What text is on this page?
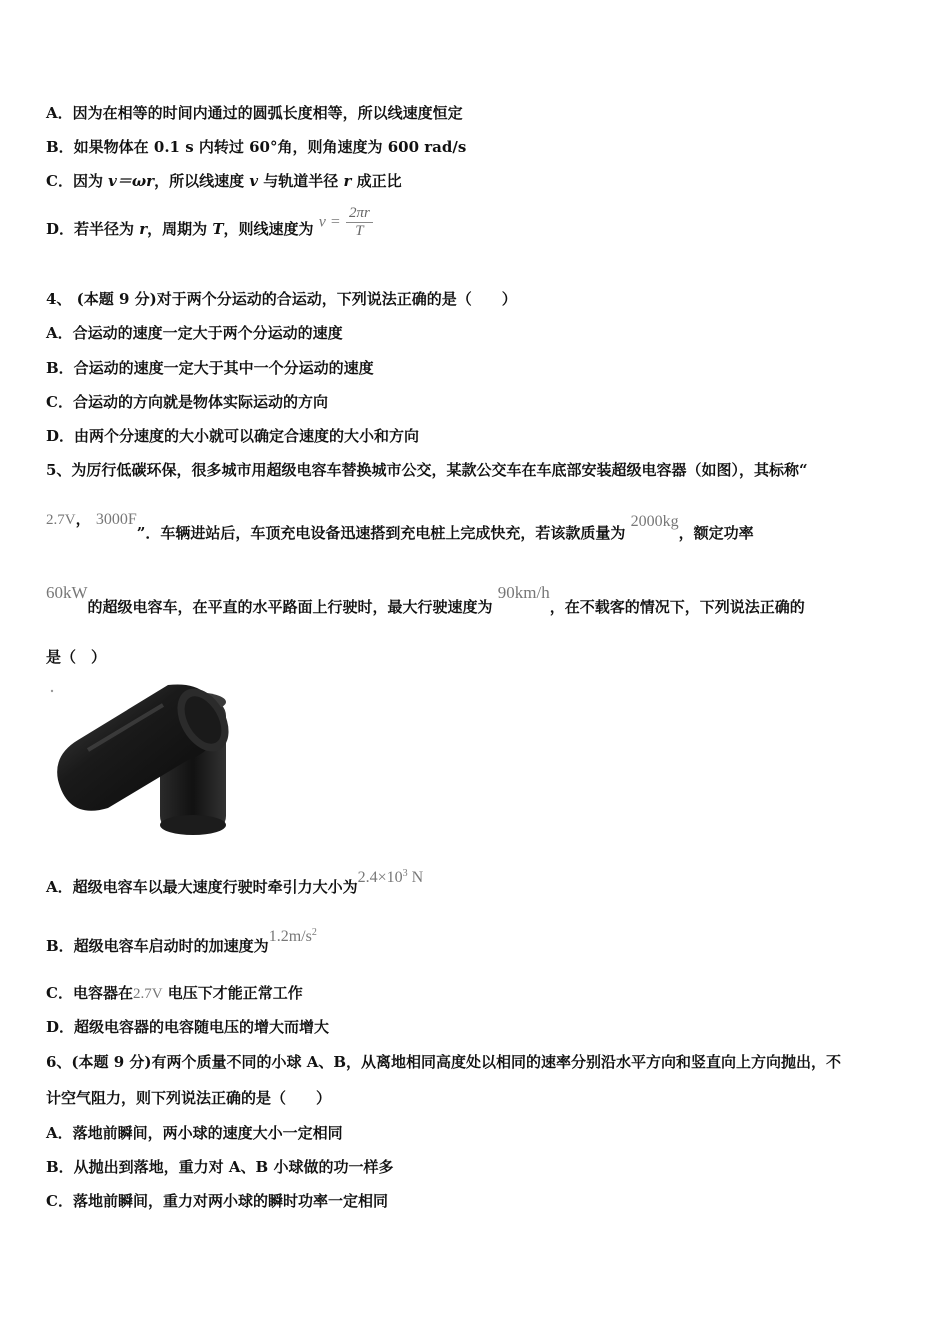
A．因为在相等的时间内通过的圆弧长度相等，所以线速度恒定
B．如果物体在 0.1 s 内转过 60°角，则角速度为 600 rad/s
C．因为 v＝ωr，所以线速度 v 与轨道半径 r 成正比
D．若半径为 r，周期为 T，则线速度为 $v = \frac{2\pi r}{T}$
4、 (本题 9 分)对于两个分运动的合运动，下列说法正确的是（　　）
A．合运动的速度一定大于两个分运动的速度
B．合运动的速度一定大于其中一个分运动的速度
C．合运动的方向就是物体实际运动的方向
D．由两个分速度的大小就可以确定合速度的大小和方向
5、为厉行低碳环保，很多城市用超级电容车替换城市公交，某款公交车在车底部安装超级电容器（如图），其标称“
2.7V， 3000F”．车辆进站后，车顶充电设备迅速搭到充电桩上完成快充，若该款质量为 2000kg，额定功率
60kW的超级电容车，在平直的水平路面上行驶时，最大行驶速度为 90km/h，在不载客的情况下，下列说法正确的
是（　）
A．超级电容车以最大速度行驶时牵引力大小为$2.4\times 10^3$ N
B．超级电容车启动时的加速度为$1.2m/s^2$
C．电容器在2.7V 电压下才能正常工作
D．超级电容器的电容随电压的增大而增大
6、(本题 9 分)有两个质量不同的小球 A、B，从离地相同高度处以相同的速率分别沿水平方向和竖直向上方向抛出，不
计空气阻力，则下列说法正确的是（　　）
A．落地前瞬间，两小球的速度大小一定相同
B．从抛出到落地，重力对 A、B 小球做的功一样多
C．落地前瞬间，重力对两小球的瞬时功率一定相同
